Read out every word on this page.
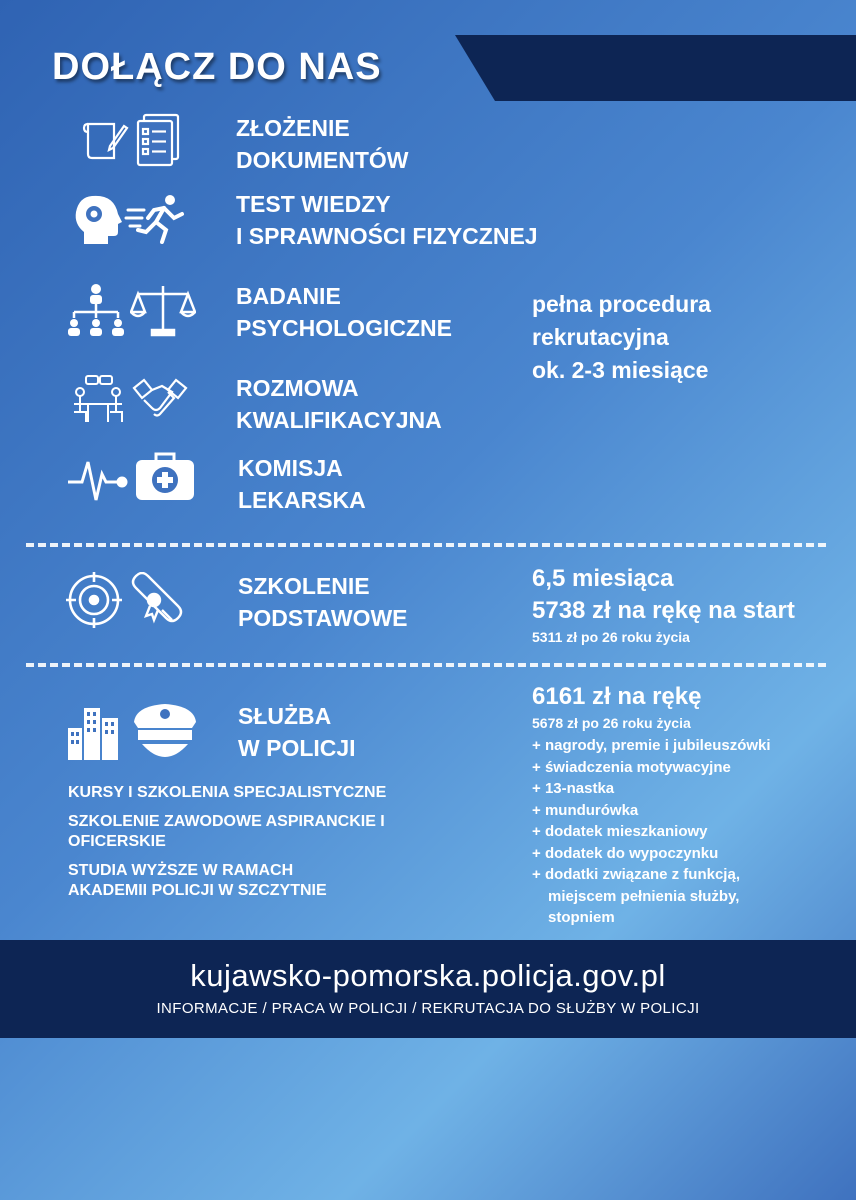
DOŁĄCZ DO NAS
ZŁOŻENIE
DOKUMENTÓW
TEST WIEDZY
I SPRAWNOŚCI FIZYCZNEJ
BADANIE
PSYCHOLOGICZNE
pełna procedura
rekrutacyjna
ok. 2-3 miesiące
ROZMOWA
KWALIFIKACYJNA
KOMISJA
LEKARSKA
SZKOLENIE
PODSTAWOWE
6,5 miesiąca
5738 zł na rękę na start
5311 zł po 26 roku życia
SŁUŻBA
W POLICJI
6161 zł na rękę
5678 zł po 26 roku życia
+ nagrody, premie i jubileuszówki
+ świadczenia motywacyjne
+ 13-nastka
+ mundurówka
+ dodatek mieszkaniowy
+ dodatek do wypoczynku
+ dodatki związane z funkcją, miejscem pełnienia służby, stopniem
KURSY I SZKOLENIA SPECJALISTYCZNE
SZKOLENIE ZAWODOWE ASPIRANCKIE I OFICERSKIE
STUDIA WYŻSZE W RAMACH AKADEMII POLICJI W SZCZYTNIE
kujawsko-pomorska.policja.gov.pl
INFORMACJE / PRACA W POLICJI / REKRUTACJA DO SŁUŻBY W POLICJI
